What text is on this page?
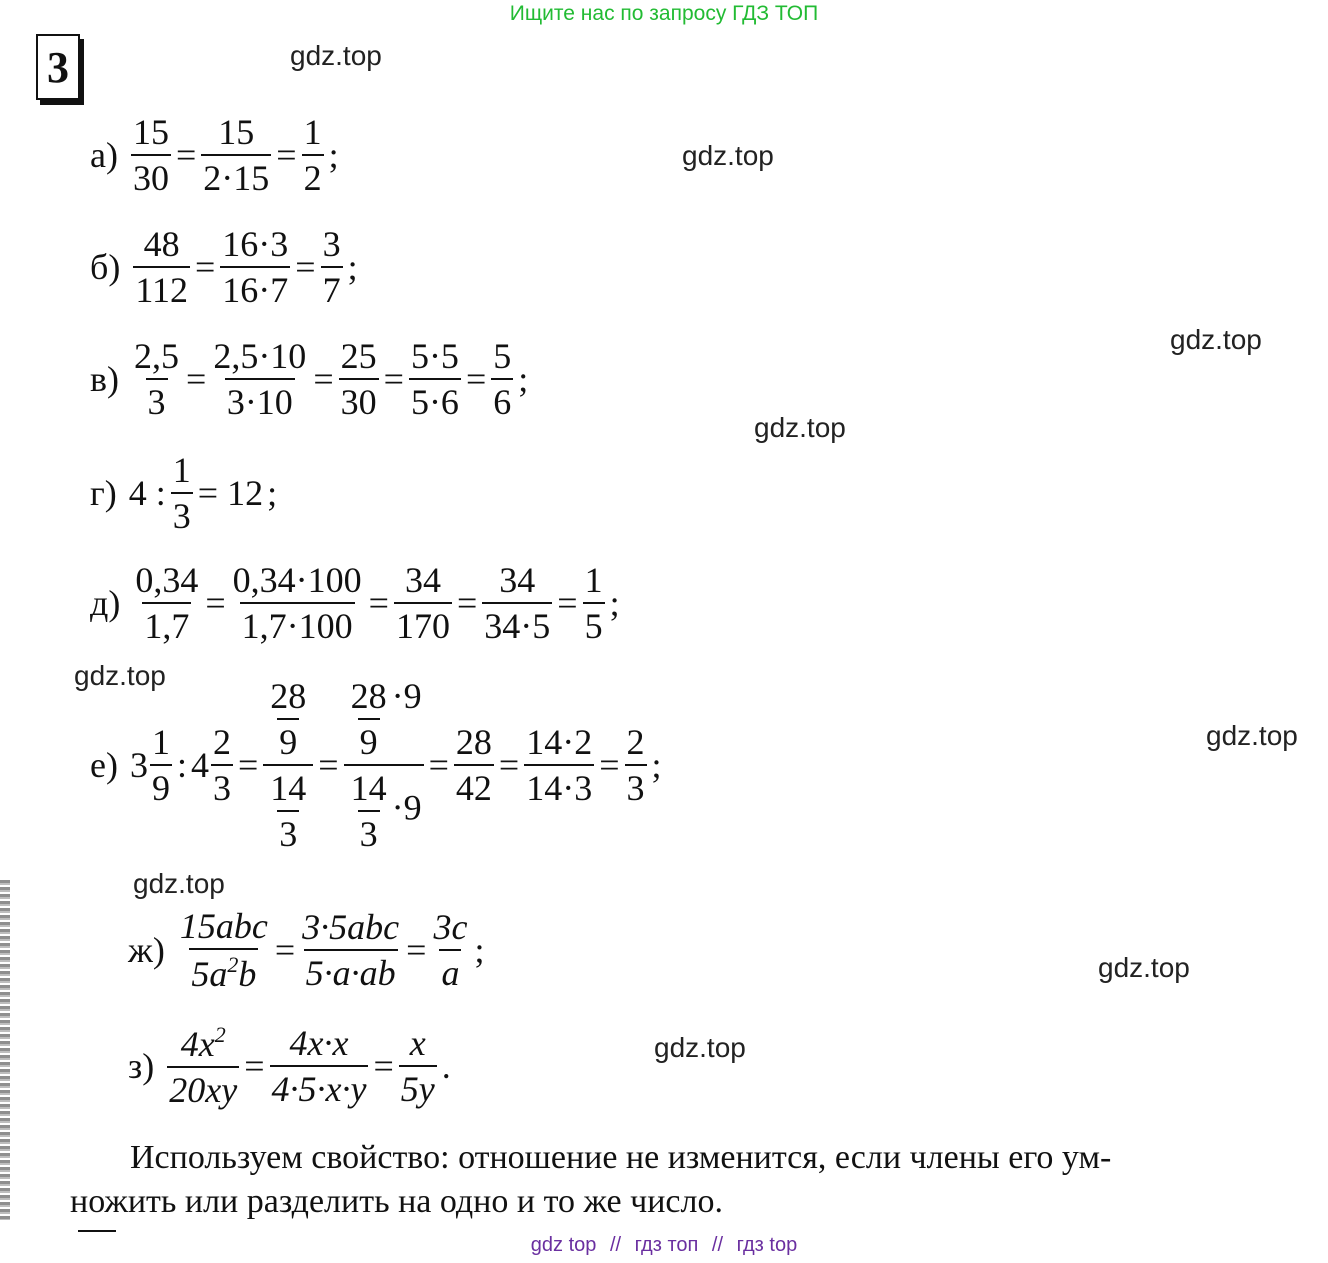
Ищите нас по запросу ГДЗ ТОП
3	gdz.top
gdz.top
gdz.top
gdz.top
gdz.top
gdz.top
gdz.top
gdz.top
gdz.top
$а) \frac{15}{30} = \frac{15}{2\cdot 15} = \frac{1}{2}$ ;
$б) \frac{48}{112} = \frac{16\cdot 3}{16\cdot 7} = \frac{3}{7}$ ;
$в) \frac{2,5}{3} = \frac{2,5\cdot 10}{3\cdot 10} = \frac{25}{30} = \frac{5\cdot 5}{5\cdot 6} = \frac{5}{6}$ ;
г) 4 : $\frac{1}{3} = 12$ ;
$д) \frac{0,34}{1,7} = \frac{0,34\cdot 100}{1,7\cdot 100} = \frac{34}{170} = \frac{34}{34\cdot 5} = \frac{1}{5}$ ;
е) $3 \frac{1}{9}$ : $4 \frac{2}{3} = \frac{\frac{28}{9}}{\frac{14}{3}} = \frac{\frac{28}{9} \cdot 9}{\frac{14}{3} \cdot 9} = \frac{28}{42} = \frac{14\cdot 2}{14\cdot 3} = \frac{2}{3}$ ;
$ж) \frac{\text{15abc}}{5a^2b} = \frac{\text{3·5abc}}{5\cdot a\cdot ab} = \frac{3c}{a}$ ;
$з) \frac{4x^2}{20xy} = \frac{4x\cdot x}{4\cdot 5\cdot x\cdot y} = \frac{x}{5y}$ .
Используем свойство: отношение не изменится, если члены его ум-
ножить или разделить на одно и то же число.
gdz top // гдз топ // гдз top
